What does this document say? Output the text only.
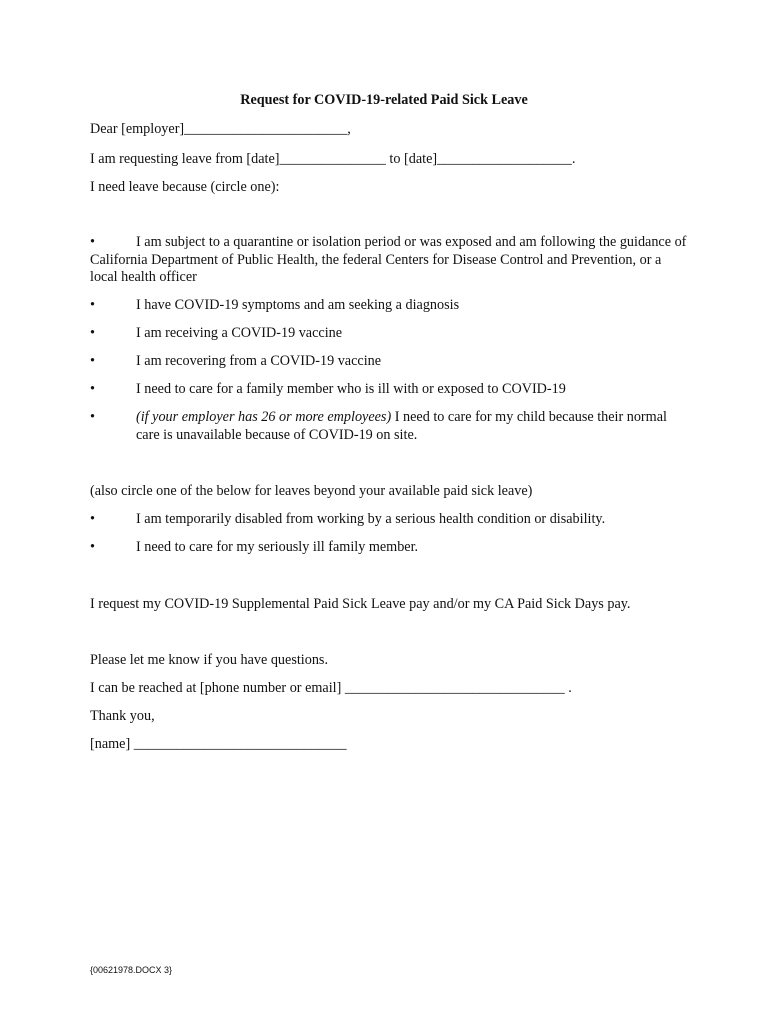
Request for COVID-19-related Paid Sick Leave
Dear [employer]_______________________,
I am requesting leave from [date]_______________ to [date]___________________.
I need leave because (circle one):
•	I am subject to a quarantine or isolation period or was exposed and am following the guidance of California Department of Public Health, the federal Centers for Disease Control and Prevention, or a local health officer
•	I have COVID-19 symptoms and am seeking a diagnosis
•	I am receiving a COVID-19 vaccine
•	I am recovering from a COVID-19 vaccine
•	I need to care for a family member who is ill with or exposed to COVID-19
•	(if your employer has 26 or more employees) I need to care for my child because their normal
care is unavailable because of COVID-19 on site.
(also circle one of the below for leaves beyond your available paid sick leave)
•	I am temporarily disabled from working by a serious health condition or disability.
•	I need to care for my seriously ill family member.
I request my COVID-19 Supplemental Paid Sick Leave pay and/or my CA Paid Sick Days pay.
Please let me know if you have questions.
I can be reached at [phone number or email] _______________________________ .
Thank you,
[name] ______________________________
{00621978.DOCX 3}
